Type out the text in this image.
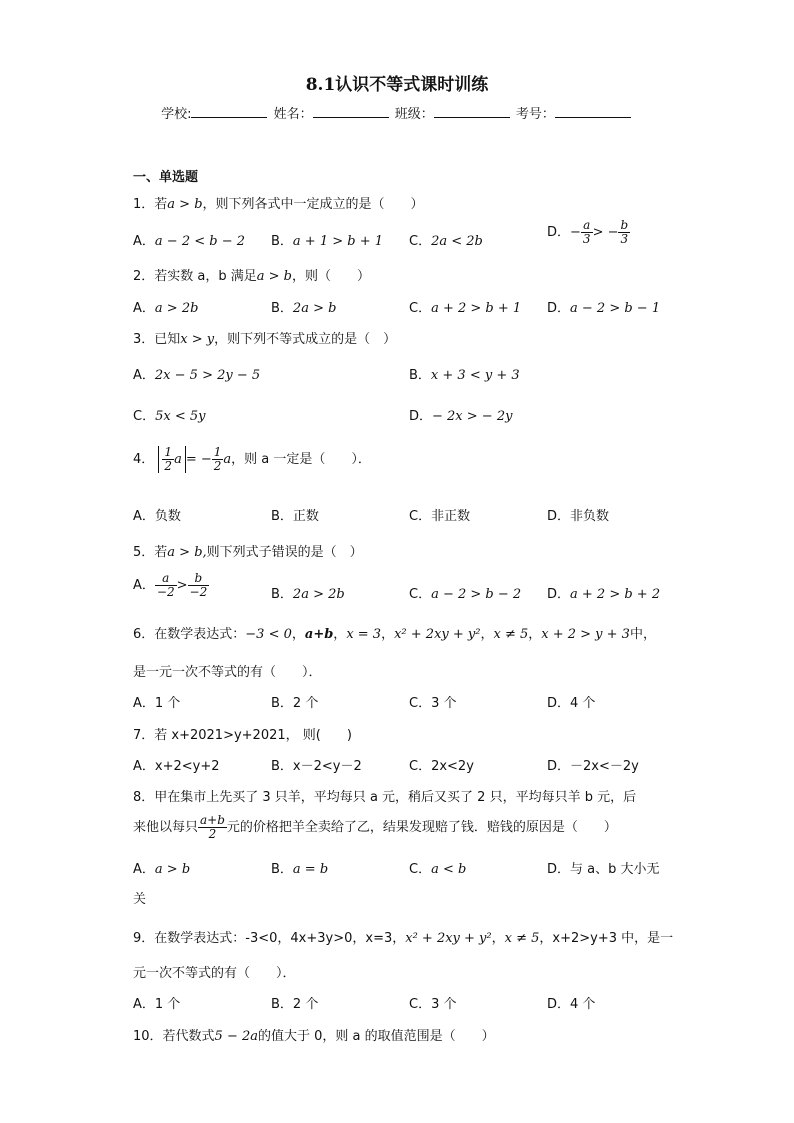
8.1认识不等式课时训练
学校:	姓名：	班级：	考号：
一、单选题
1．若a > b，则下列各式中一定成立的是（　　）
A．a − 2 < b − 2 B．a + 1 > b + 1 C．2a < 2b
D．− $\frac{a}{3}$ > − $\frac{b}{3}$
2．若实数 a，b 满足a > b，则（　　）
A．a > 2b	B．2a > b	C．a + 2 > b + 1 D．a − 2 > b − 1
3．已知x > y，则下列不等式成立的是（　）
A．2x − 5 > 2y − 5	B．x + 3 < y + 3
C．5x < 5y	D．− 2x > − 2y
4． $\frac{1}{2}$ a = − $\frac{1}{2}$ a，则 a 一定是（　　）．
A．负数	B．正数	C．非正数	D．非负数
5．若a > b,则下列式子错误的是（　）
A． $\frac{a}{-2} > \frac{b}{-2}$	B．2a > 2b	C．a − 2 > b − 2 D．a + 2 > b + 2
6．在数学表达式：−3 < 0，a+b，x = 3，x² + 2xy + y²，x ≠ 5，x + 2 > y + 3中，
是一元一次不等式的有（　　）．
A．1 个	B．2 个	C．3 个	D．4 个
7．若 x+2021>y+2021， 则(　　)
A．x+2<y+2	B．x－2<y－2	C．2x<2y	D．－2x<－2y
8．甲在集市上先买了 3 只羊，平均每只 a 元，稍后又买了 2 只，平均每只羊 b 元，后
来他以每只 $\frac{a+b}{2}$ 元的价格把羊全卖给了乙，结果发现赔了钱．赔钱的原因是（　　）
A．a > b	B．a = b	C．a < b	D．与 a、b 大小无
关
9．在数学表达式：-3<0，4x+3y>0，x=3，x² + 2xy + y²，x ≠ 5，x+2>y+3 中，是一
元一次不等式的有（　　）．
A．1 个	B．2 个	C．3 个	D．4 个
10．若代数式5 − 2a的值大于 0，则 a 的取值范围是（　　）
